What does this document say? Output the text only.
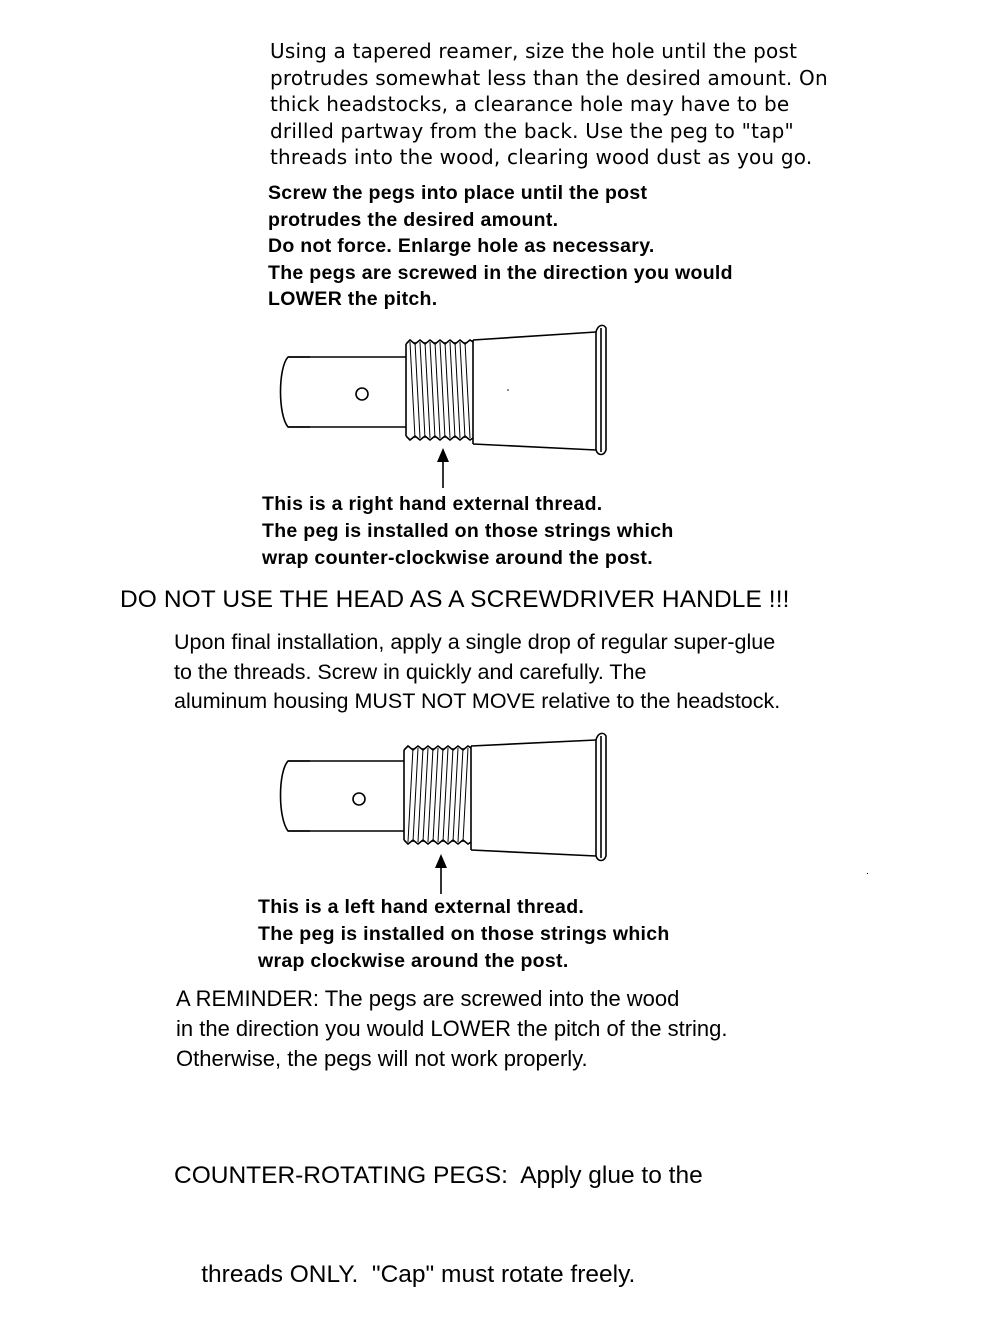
Using a tapered reamer, size the hole until the post
protrudes somewhat less than the desired amount. On
thick headstocks, a clearance hole may have to be
drilled partway from the back. Use the peg to "tap"
threads into the wood, clearing wood dust as you go.
Screw the pegs into place until the post
protrudes the desired amount.
Do not force. Enlarge hole as necessary.
The pegs are screwed in the direction you would
LOWER the pitch.
This is a right hand external thread.
The peg is installed on those strings which
wrap counter-clockwise around the post.
DO NOT USE THE HEAD AS A SCREWDRIVER HANDLE !!!
Upon final installation, apply a single drop of regular super-glue
to the threads. Screw in quickly and carefully. The
aluminum housing MUST NOT MOVE relative to the headstock.
This is a left hand external thread.
The peg is installed on those strings which
wrap clockwise around the post.
A REMINDER: The pegs are screwed into the wood
in the direction you would LOWER the pitch of the string.
Otherwise, the pegs will not work properly.

COUNTER-ROTATING PEGS:  Apply glue to the

threads ONLY.  "Cap" must rotate freely.
